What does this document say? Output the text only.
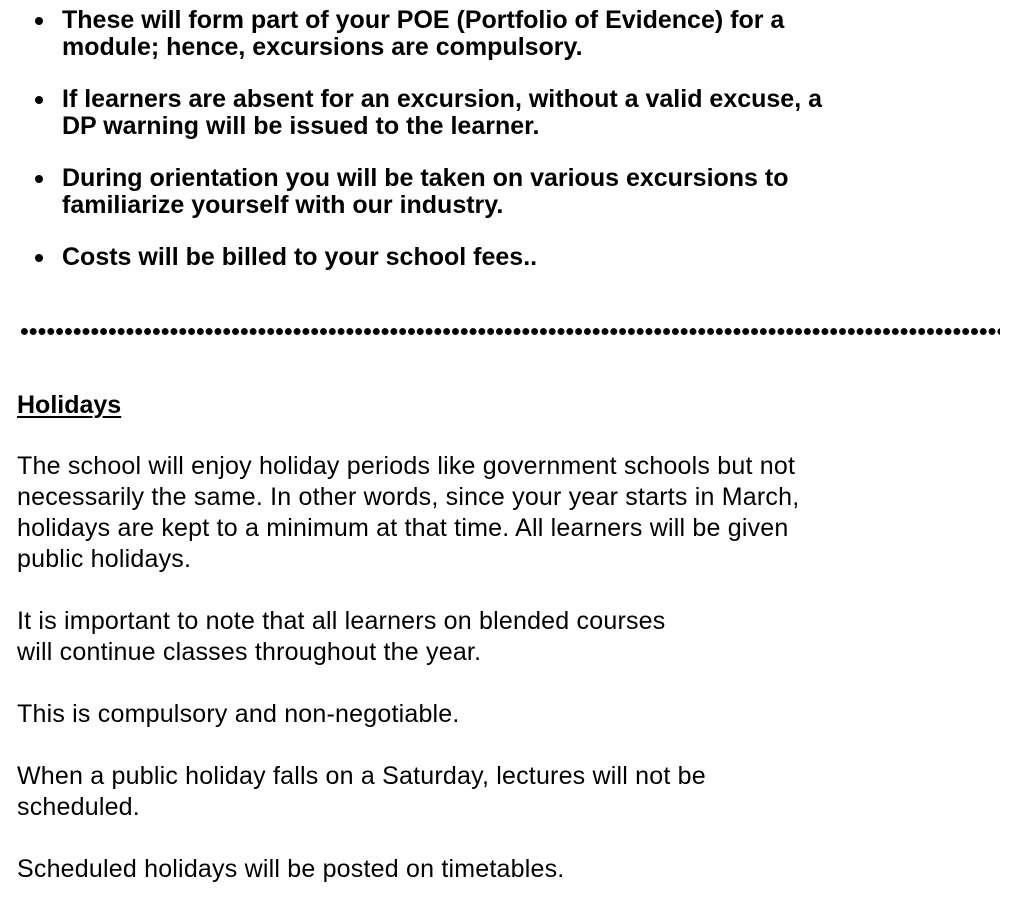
These will form part of your POE (Portfolio of Evidence) for a
module; hence, excursions are compulsory.
If learners are absent for an excursion, without a valid excuse, a
DP warning will be issued to the learner.
During orientation you will be taken on various excursions to
familiarize yourself with our industry.
Costs will be billed to your school fees..
Holidays

The school will enjoy holiday periods like government schools but not
necessarily the same. In other words, since your year starts in March,
holidays are kept to a minimum at that time. All learners will be given
public holidays.

It is important to note that all learners on blended courses
will continue classes throughout the year.

This is compulsory and non-negotiable.

When a public holiday falls on a Saturday, lectures will not be
scheduled.

Scheduled holidays will be posted on timetables.
